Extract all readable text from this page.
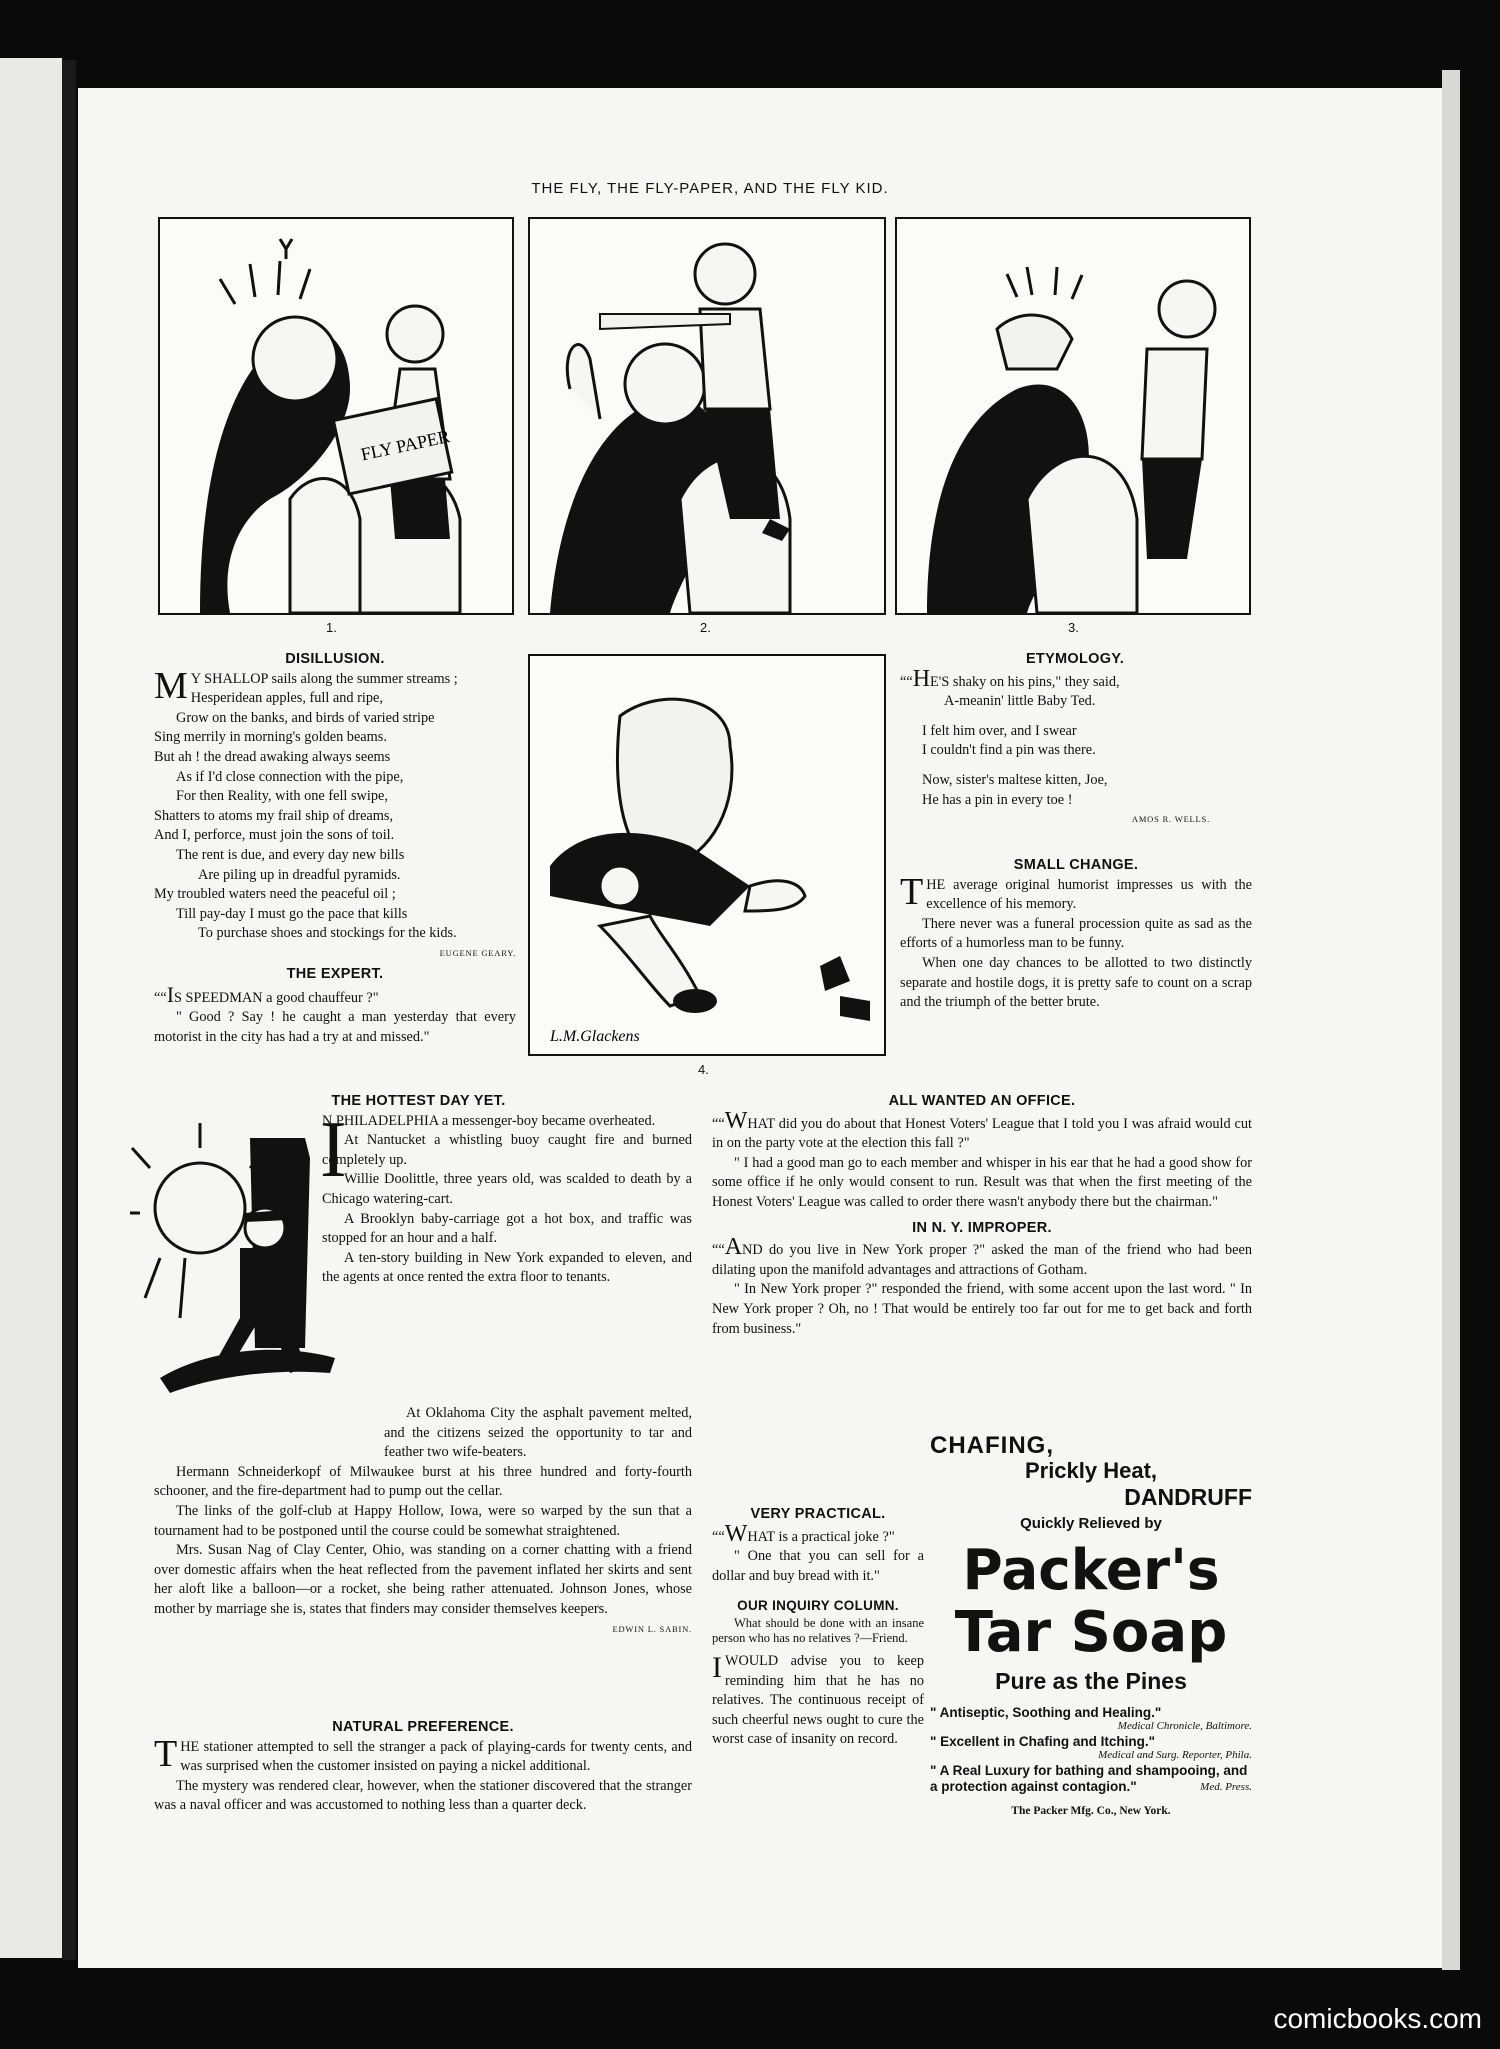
THE FLY, THE FLY-PAPER, AND THE FLY KID.
FLY PAPER
1.	2.	3.
L.M.Glackens
4.
DISILLUSION.

M Y SHALLOP sails along the summer streams ;

Hesperidean apples, full and ripe,

Grow on the banks, and birds of varied stripe

Sing merrily in morning's golden beams.

But ah ! the dread awaking always seems

As if I'd close connection with the pipe,

For then Reality, with one fell swipe,

Shatters to atoms my frail ship of dreams,

And I, perforce, must join the sons of toil.

The rent is due, and every day new bills

Are piling up in dreadful pyramids.

My troubled waters need the peaceful oil ;

Till pay-day I must go the pace that kills

To purchase shoes and stockings for the kids.

EUGENE GEARY.

THE EXPERT.

““IS SPEEDMAN a good chauffeur ?"

" Good ? Say ! he caught a man yesterday that every motorist in the city has had a try at and missed."

ETYMOLOGY.

““HE'S shaky on his pins," they said,

A-meanin' little Baby Ted.

I felt him over, and I swear

I couldn't find a pin was there.

Now, sister's maltese kitten, Joe,

He has a pin in every toe !

AMOS R. WELLS.

SMALL CHANGE.

THE average original humorist impresses us with the excellence of his memory.

There never was a funeral procession quite as sad as the efforts of a humorless man to be funny.

When one day chances to be allotted to two distinctly separate and hostile dogs, it is pretty safe to count on a scrap and the triumph of the better brute.

THE HOTTEST DAY YET.

N PHILADELPHIA a messenger-boy became overheated.

At Nantucket a whistling buoy caught fire and burned completely up.

Willie Doolittle, three years old, was scalded to death by a Chicago watering-cart.

A Brooklyn baby-carriage got a hot box, and traffic was stopped for an hour and a half.

A ten-story building in New York expanded to eleven, and the agents at once rented the extra floor to tenants.

I

At Oklahoma City the asphalt pavement melted, and the citizens seized the opportunity to tar and feather two wife-beaters.

Hermann Schneiderkopf of Milwaukee burst at his three hundred and forty-fourth schooner, and the fire-department had to pump out the cellar.

The links of the golf-club at Happy Hollow, Iowa, were so warped by the sun that a tournament had to be postponed until the course could be somewhat straightened.

Mrs. Susan Nag of Clay Center, Ohio, was standing on a corner chatting with a friend over domestic affairs when the heat reflected from the pavement inflated her skirts and sent her aloft like a balloon—or a rocket, she being rather attenuated. Johnson Jones, whose mother by marriage she is, states that finders may consider themselves keepers.

EDWIN L. SABIN.

NATURAL PREFERENCE.

THE stationer attempted to sell the stranger a pack of playing-cards for twenty cents, and was surprised when the customer insisted on paying a nickel additional.

The mystery was rendered clear, however, when the stationer discovered that the stranger was a naval officer and was accustomed to nothing less than a quarter deck.

ALL WANTED AN OFFICE.

““WHAT did you do about that Honest Voters' League that I told you I was afraid would cut in on the party vote at the election this fall ?"

" I had a good man go to each member and whisper in his ear that he had a good show for some office if he only would consent to run. Result was that when the first meeting of the Honest Voters' League was called to order there wasn't anybody there but the chairman."

IN N. Y. IMPROPER.

““AND do you live in New York proper ?" asked the man of the friend who had been dilating upon the manifold advantages and attractions of Gotham.

" In New York proper ?" responded the friend, with some accent upon the last word. " In New York proper ? Oh, no ! That would be entirely too far out for me to get back and forth from business."

VERY PRACTICAL.

““WHAT is a practical joke ?"

" One that you can sell for a dollar and buy bread with it."

OUR INQUIRY COLUMN.

What should be done with an insane person who has no relatives ?—Friend.

IWOULD advise you to keep reminding him that he has no relatives. The continuous receipt of such cheerful news ought to cure the worst case of insanity on record.

CHAFING,
Prickly Heat,
DANDRUFF
Quickly Relieved by
Packer's
Tar Soap
Pure as the Pines
" Antiseptic, Soothing and Healing."
Medical Chronicle, Baltimore.
" Excellent in Chafing and Itching."
Medical and Surg. Reporter, Phila.
" A Real Luxury for bathing and shampooing, and a protection against contagion."	Med. Press.
The Packer Mfg. Co., New York.
comicbooks.com
